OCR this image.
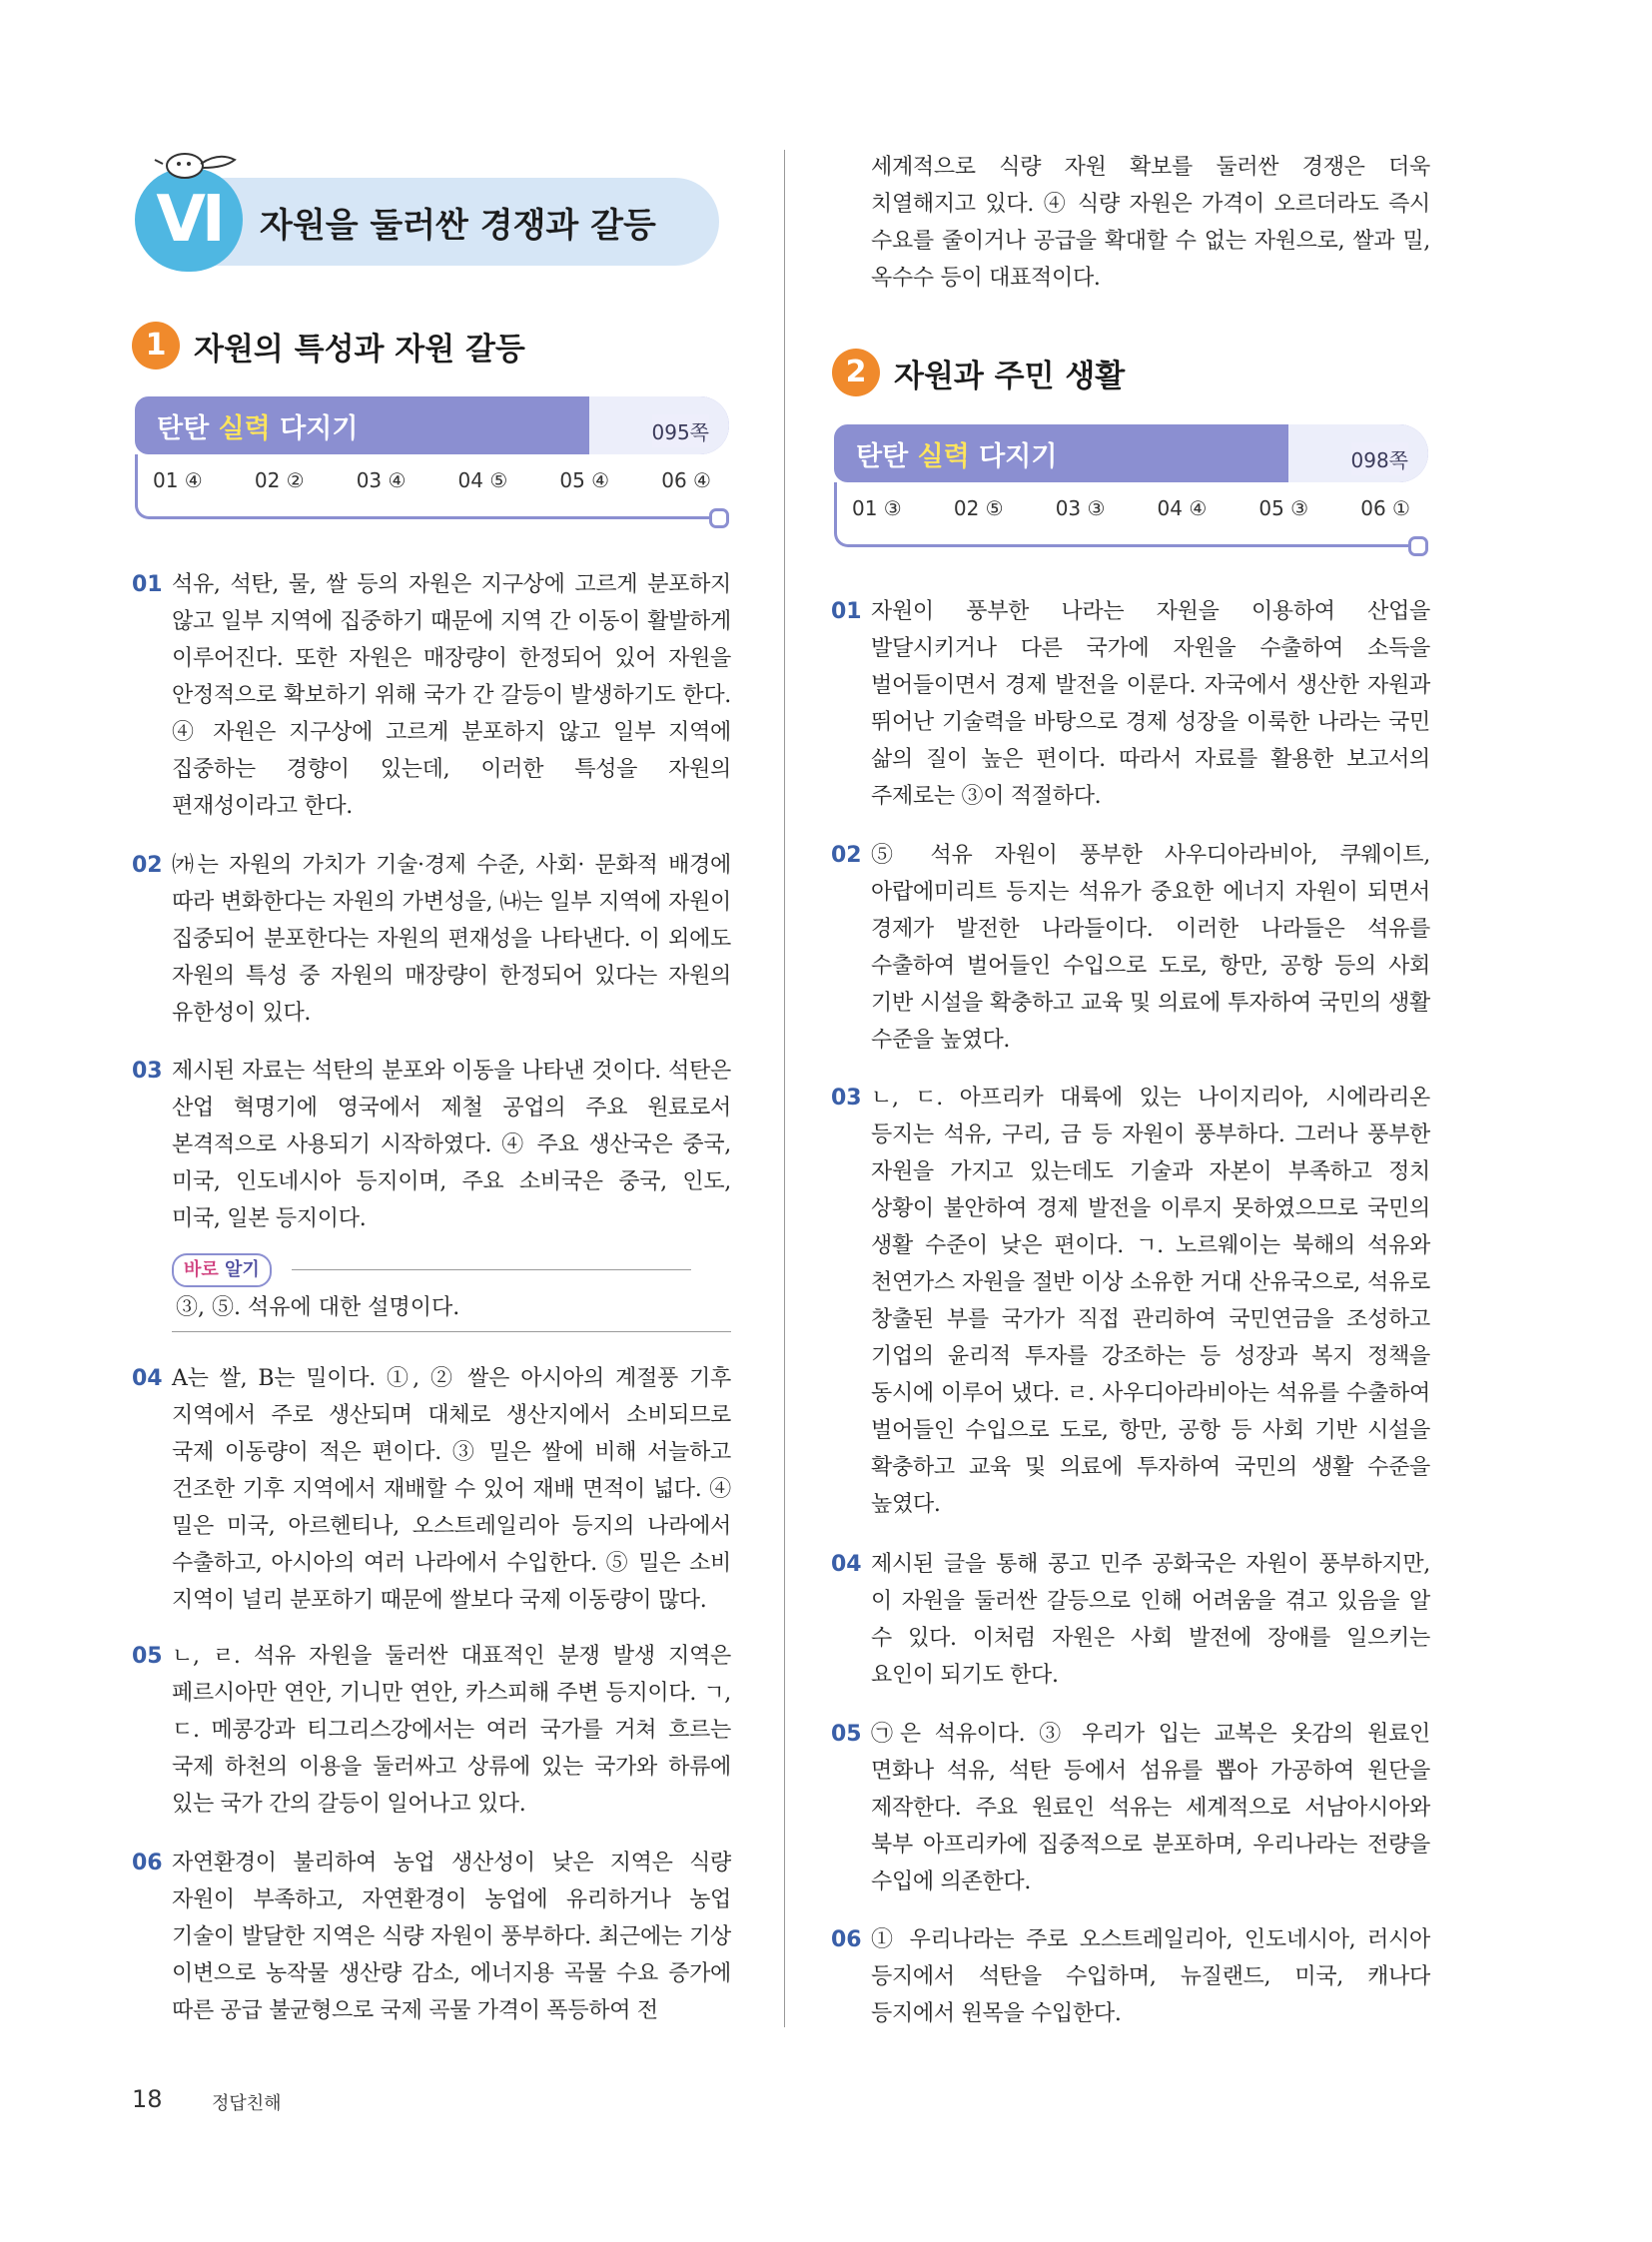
VI	자원을 둘러싼 경쟁과 갈등
1 자원의 특성과 자원 갈등
탄탄 실력 다지기	095쪽
01 ④	02 ②	03 ④	04 ⑤	05 ④	06 ④
01 석유, 석탄, 물, 쌀 등의 자원은 지구상에 고르게 분포하지 않고 일부 지역에 집중하기 때문에 지역 간 이동이 활발하게 이루어진다. 또한 자원은 매장량이 한정되어 있어 자원을 안정적으로 확보하기 위해 국가 간 갈등이 발생하기도 한다. ④ 자원은 지구상에 고르게 분포하지 않고 일부 지역에 집중하는 경향이 있는데, 이러한 특성을 자원의 편재성이라고 한다.
02 ㈎는 자원의 가치가 기술·경제 수준, 사회· 문화적 배경에 따라 변화한다는 자원의 가변성을, ㈏는 일부 지역에 자원이 집중되어 분포한다는 자원의 편재성을 나타낸다. 이 외에도 자원의 특성 중 자원의 매장량이 한정되어 있다는 자원의 유한성이 있다.
03 제시된 자료는 석탄의 분포와 이동을 나타낸 것이다. 석탄은 산업 혁명기에 영국에서 제철 공업의 주요 원료로서 본격적으로 사용되기 시작하였다. ④ 주요 생산국은 중국, 미국, 인도네시아 등지이며, 주요 소비국은 중국, 인도, 미국, 일본 등지이다.
바로 알기
③, ⑤. 석유에 대한 설명이다.
04 A는 쌀, B는 밀이다. ①, ② 쌀은 아시아의 계절풍 기후 지역에서 주로 생산되며 대체로 생산지에서 소비되므로 국제 이동량이 적은 편이다. ③ 밀은 쌀에 비해 서늘하고 건조한 기후 지역에서 재배할 수 있어 재배 면적이 넓다. ④ 밀은 미국, 아르헨티나, 오스트레일리아 등지의 나라에서 수출하고, 아시아의 여러 나라에서 수입한다. ⑤ 밀은 소비 지역이 널리 분포하기 때문에 쌀보다 국제 이동량이 많다.
05 ㄴ, ㄹ. 석유 자원을 둘러싼 대표적인 분쟁 발생 지역은 페르시아만 연안, 기니만 연안, 카스피해 주변 등지이다. ㄱ, ㄷ. 메콩강과 티그리스강에서는 여러 국가를 거쳐 흐르는 국제 하천의 이용을 둘러싸고 상류에 있는 국가와 하류에 있는 국가 간의 갈등이 일어나고 있다.
06 자연환경이 불리하여 농업 생산성이 낮은 지역은 식량 자원이 부족하고, 자연환경이 농업에 유리하거나 농업 기술이 발달한 지역은 식량 자원이 풍부하다. 최근에는 기상 이변으로 농작물 생산량 감소, 에너지용 곡물 수요 증가에 따른 공급 불균형으로 국제 곡물 가격이 폭등하여 전
세계적으로 식량 자원 확보를 둘러싼 경쟁은 더욱 치열해지고 있다. ④ 식량 자원은 가격이 오르더라도 즉시 수요를 줄이거나 공급을 확대할 수 없는 자원으로, 쌀과 밀, 옥수수 등이 대표적이다.
2 자원과 주민 생활
탄탄 실력 다지기	098쪽
01 ③	02 ⑤	03 ③	04 ④	05 ③	06 ①
01 자원이 풍부한 나라는 자원을 이용하여 산업을 발달시키거나 다른 국가에 자원을 수출하여 소득을 벌어들이면서 경제 발전을 이룬다. 자국에서 생산한 자원과 뛰어난 기술력을 바탕으로 경제 성장을 이룩한 나라는 국민 삶의 질이 높은 편이다. 따라서 자료를 활용한 보고서의 주제로는 ③이 적절하다.
02 ⑤ 석유 자원이 풍부한 사우디아라비아, 쿠웨이트, 아랍에미리트 등지는 석유가 중요한 에너지 자원이 되면서 경제가 발전한 나라들이다. 이러한 나라들은 석유를 수출하여 벌어들인 수입으로 도로, 항만, 공항 등의 사회 기반 시설을 확충하고 교육 및 의료에 투자하여 국민의 생활 수준을 높였다.
03 ㄴ, ㄷ. 아프리카 대륙에 있는 나이지리아, 시에라리온 등지는 석유, 구리, 금 등 자원이 풍부하다. 그러나 풍부한 자원을 가지고 있는데도 기술과 자본이 부족하고 정치 상황이 불안하여 경제 발전을 이루지 못하였으므로 국민의 생활 수준이 낮은 편이다. ㄱ. 노르웨이는 북해의 석유와 천연가스 자원을 절반 이상 소유한 거대 산유국으로, 석유로 창출된 부를 국가가 직접 관리하여 국민연금을 조성하고 기업의 윤리적 투자를 강조하는 등 성장과 복지 정책을 동시에 이루어 냈다. ㄹ. 사우디아라비아는 석유를 수출하여 벌어들인 수입으로 도로, 항만, 공항 등 사회 기반 시설을 확충하고 교육 및 의료에 투자하여 국민의 생활 수준을 높였다.
04 제시된 글을 통해 콩고 민주 공화국은 자원이 풍부하지만, 이 자원을 둘러싼 갈등으로 인해 어려움을 겪고 있음을 알 수 있다. 이처럼 자원은 사회 발전에 장애를 일으키는 요인이 되기도 한다.
05 ㉠은 석유이다. ③ 우리가 입는 교복은 옷감의 원료인 면화나 석유, 석탄 등에서 섬유를 뽑아 가공하여 원단을 제작한다. 주요 원료인 석유는 세계적으로 서남아시아와 북부 아프리카에 집중적으로 분포하며, 우리나라는 전량을 수입에 의존한다.
06 ① 우리나라는 주로 오스트레일리아, 인도네시아, 러시아 등지에서 석탄을 수입하며, 뉴질랜드, 미국, 캐나다 등지에서 원목을 수입한다.
18	정답친해
